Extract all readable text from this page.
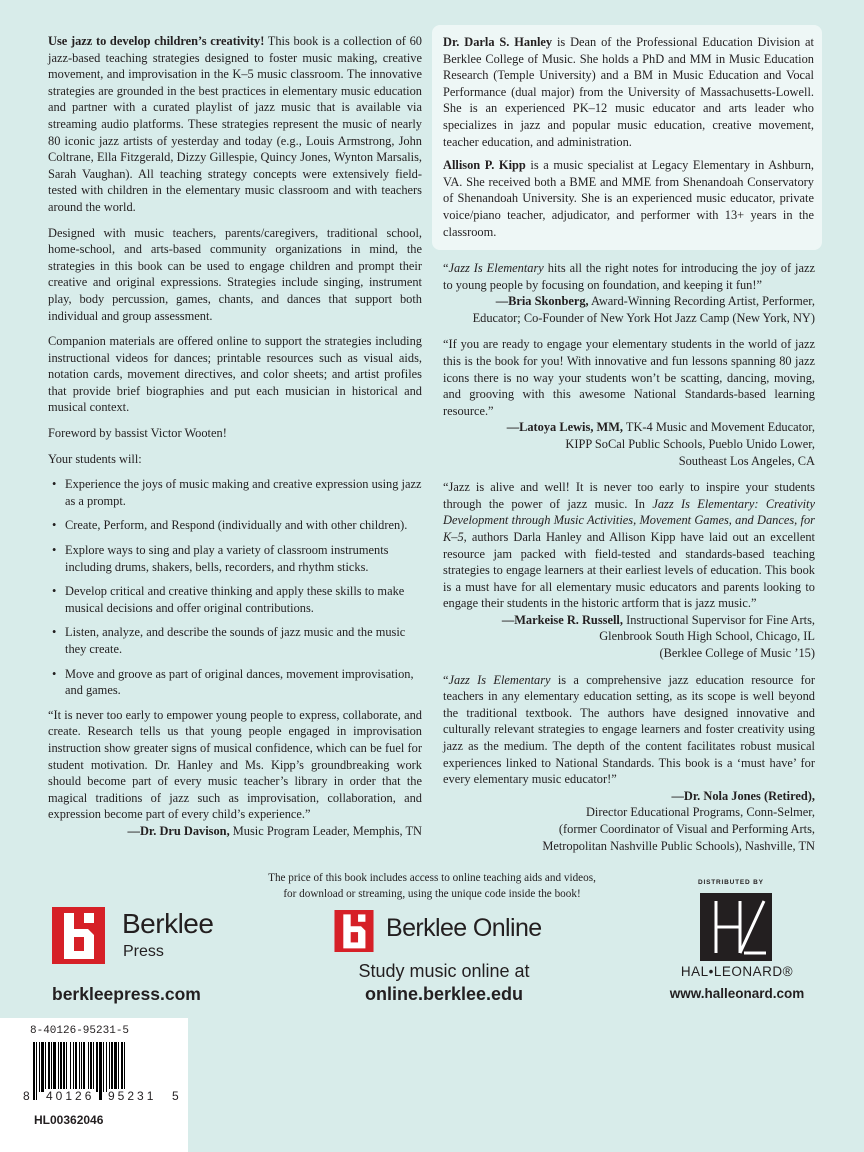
Use jazz to develop children’s creativity! This book is a collection of 60 jazz-based teaching strategies designed to foster music making, creative movement, and improvisation in the K–5 music classroom. The innovative strategies are grounded in the best practices in elementary music education and partner with a curated playlist of jazz music that is available via streaming audio platforms. These strategies represent the music of nearly 80 iconic jazz artists of yesterday and today (e.g., Louis Armstrong, John Coltrane, Ella Fitzgerald, Dizzy Gillespie, Quincy Jones, Wynton Marsalis, Sarah Vaughan). All teaching strategy concepts were extensively field-tested with children in the elementary music classroom and with teachers around the world.

Designed with music teachers, parents/caregivers, traditional school, home-school, and arts-based community organizations in mind, the strategies in this book can be used to engage children and prompt their creative and original expressions. Strategies include singing, instrument play, body percussion, games, chants, and dances that support both individual and group assessment.

Companion materials are offered online to support the strategies including instructional videos for dances; printable resources such as visual aids, notation cards, movement directives, and color sheets; and artist profiles that provide brief biographies and put each musician in historical and musical context.

Foreword by bassist Victor Wooten!

Your students will:

• Experience the joys of music making and creative expression using jazz as a prompt.
• Create, Perform, and Respond (individually and with other children).
• Explore ways to sing and play a variety of classroom instruments including drums, shakers, bells, recorders, and rhythm sticks.
• Develop critical and creative thinking and apply these skills to make musical decisions and offer original contributions.
• Listen, analyze, and describe the sounds of jazz music and the music they create.
• Move and groove as part of original dances, movement improvisation, and games.

“It is never too early to empower young people to express, collaborate, and create. Research tells us that young people engaged in improvisation instruction show greater signs of musical confidence, which can be fuel for student motivation. Dr. Hanley and Ms. Kipp’s groundbreaking work should become part of every music teacher’s library in order that the magical traditions of jazz such as improvisation, collaboration, and expression become part of every child’s experience.”

—Dr. Dru Davison, Music Program Leader, Memphis, TN

Dr. Darla S. Hanley is Dean of the Professional Education Division at Berklee College of Music. She holds a PhD and MM in Music Education Research (Temple University) and a BM in Music Education and Vocal Performance (dual major) from the University of Massachusetts-Lowell. She is an experienced PK–12 music educator and arts leader who specializes in jazz and popular music education, creative movement, teacher education, and administration.

Allison P. Kipp is a music specialist at Legacy Elementary in Ashburn, VA. She received both a BME and MME from Shenandoah Conservatory of Shenandoah University. She is an experienced music educator, private voice/piano teacher, adjudicator, and performer with 13+ years in the classroom.

“Jazz Is Elementary hits all the right notes for introducing the joy of jazz to young people by focusing on foundation, and keeping it fun!”

—Bria Skonberg, Award-Winning Recording Artist, Performer,

Educator; Co-Founder of New York Hot Jazz Camp (New York, NY)

“If you are ready to engage your elementary students in the world of jazz this is the book for you! With innovative and fun lessons spanning 80 jazz icons there is no way your students won’t be scatting, dancing, moving, and grooving with this awesome National Standards-based learning resource.”

—Latoya Lewis, MM, TK-4 Music and Movement Educator,

KIPP SoCal Public Schools, Pueblo Unido Lower,

Southeast Los Angeles, CA

“Jazz is alive and well! It is never too early to inspire your students through the power of jazz music. In Jazz Is Elementary: Creativity Development through Music Activities, Movement Games, and Dances, for K–5, authors Darla Hanley and Allison Kipp have laid out an excellent resource jam packed with field-tested and standards-based teaching strategies to engage learners at their earliest levels of education. This book is a must have for all elementary music educators and parents looking to engage their students in the historic artform that is jazz music.”

—Markeise R. Russell, Instructional Supervisor for Fine Arts,

Glenbrook South High School, Chicago, IL

(Berklee College of Music ’15)

“Jazz Is Elementary is a comprehensive jazz education resource for teachers in any elementary education setting, as its scope is well beyond the traditional textbook. The authors have designed innovative and culturally relevant strategies to engage learners and foster creativity using jazz as the medium. The depth of the content facilitates robust musical experiences linked to National Standards. This book is a ‘must have’ for every elementary music educator!”

—Dr. Nola Jones (Retired),

Director Educational Programs, Conn-Selmer,

(former Coordinator of Visual and Performing Arts,

Metropolitan Nashville Public Schools), Nashville, TN

The price of this book includes access to online teaching aids and videos,
for download or streaming, using the unique code inside the book!
Berklee
Press
berkleepress.com
Berklee Online
Study music online at
online.berklee.edu
DISTRIBUTED BY
HAL•LEONARD®
www.halleonard.com
8-40126-95231-5
8 40126 95231 5
HL00362046
